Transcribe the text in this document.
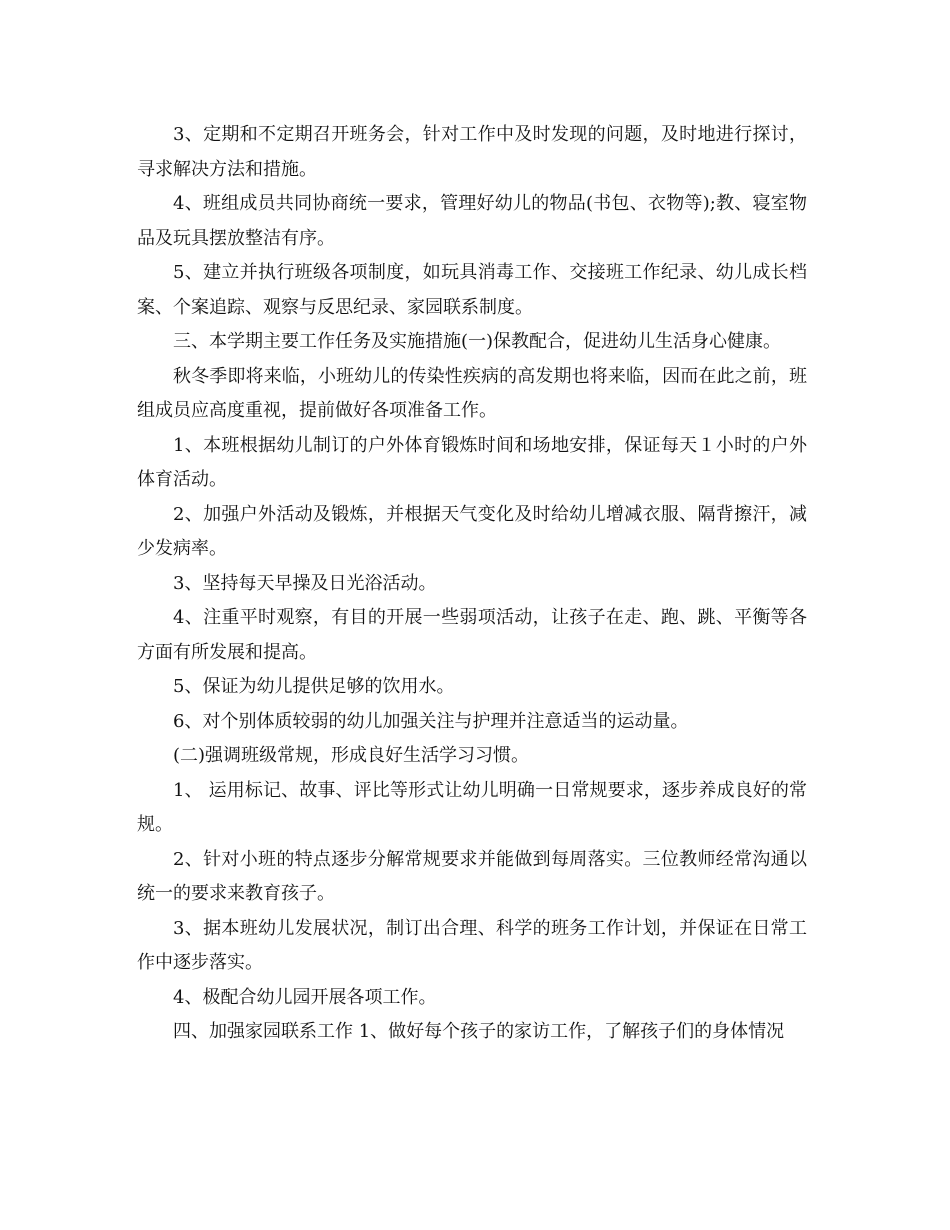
3、定期和不定期召开班务会，针对工作中及时发现的问题，及时地进行探讨，寻求解决方法和措施。

4、班组成员共同协商统一要求，管理好幼儿的物品(书包、衣物等);教、寝室物品及玩具摆放整洁有序。

5、建立并执行班级各项制度，如玩具消毒工作、交接班工作纪录、幼儿成长档案、个案追踪、观察与反思纪录、家园联系制度。

三、本学期主要工作任务及实施措施(一)保教配合，促进幼儿生活身心健康。

秋冬季即将来临，小班幼儿的传染性疾病的高发期也将来临，因而在此之前，班组成员应高度重视，提前做好各项准备工作。

1、本班根据幼儿制订的户外体育锻炼时间和场地安排，保证每天１小时的户外体育活动。

2、加强户外活动及锻炼，并根据天气变化及时给幼儿增减衣服、隔背擦汗，减少发病率。

3、坚持每天早操及日光浴活动。

4、注重平时观察，有目的开展一些弱项活动，让孩子在走、跑、跳、平衡等各方面有所发展和提高。

5、保证为幼儿提供足够的饮用水。

6、对个别体质较弱的幼儿加强关注与护理并注意适当的运动量。

(二)强调班级常规，形成良好生活学习习惯。

1、 运用标记、故事、评比等形式让幼儿明确一日常规要求，逐步养成良好的常规。

2、针对小班的特点逐步分解常规要求并能做到每周落实。三位教师经常沟通以统一的要求来教育孩子。

3、据本班幼儿发展状况，制订出合理、科学的班务工作计划，并保证在日常工作中逐步落实。

4、极配合幼儿园开展各项工作。

四、加强家园联系工作 1、做好每个孩子的家访工作，了解孩子们的身体情况
